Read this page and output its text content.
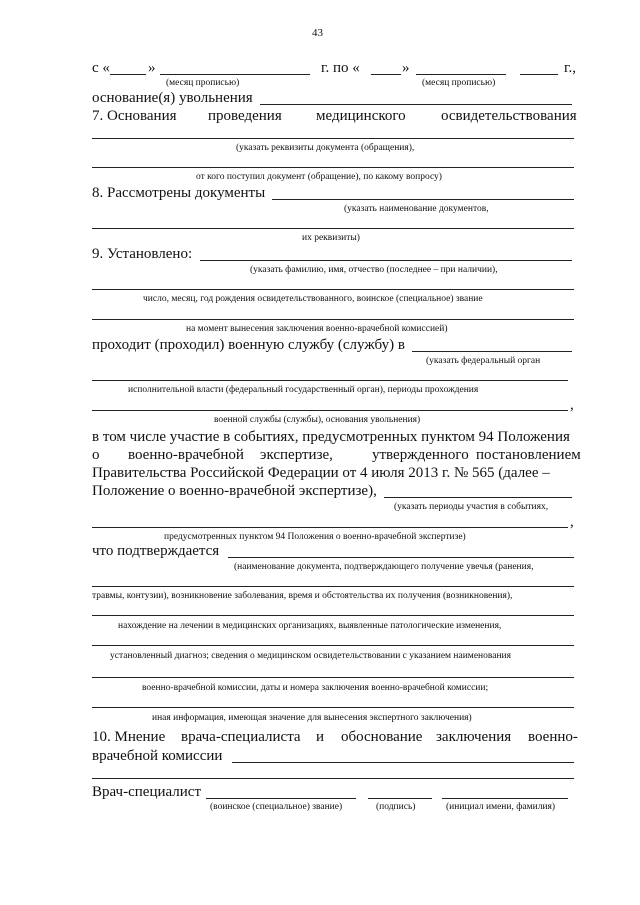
43
с «	»	г. по «	»	г.,
(месяц прописью)	(месяц прописью)
основание(я) увольнения
7. Основания проведения медицинского освидетельствования
(указать реквизиты документа (обращения),
от кого поступил документ (обращение), по какому вопросу)
8. Рассмотрены документы
(указать наименование документов,
их реквизиты)
9. Установлено:
(указать фамилию, имя, отчество (последнее – при наличии),
число, месяц, год рождения освидетельствованного, воинское (специальное) звание
на момент вынесения заключения военно-врачебной комиссией)
проходит (проходил) военную службу (службу) в
(указать федеральный орган
исполнительной власти (федеральный государственный орган), периоды прохождения
,
военной службы (службы), основания увольнения)
в том числе участие в событиях, предусмотренных пунктом 94 Положения
о военно-врачебной экспертизе,	утвержденного постановлением
Правительства Российской Федерации от 4 июля 2013 г. № 565 (далее –
Положение о военно-врачебной экспертизе),
(указать периоды участия в событиях,
,
предусмотренных пунктом 94 Положения о военно-врачебной экспертизе)
что подтверждается
(наименование документа, подтверждающего получение увечья (ранения,
травмы, контузии), возникновение заболевания, время и обстоятельства их получения (возникновения),
нахождение на лечении в медицинских организациях, выявленные патологические изменения,
установленный диагноз; сведения о медицинском освидетельствовании с указанием наименования
военно-врачебной комиссии, даты и номера заключения военно-врачебной комиссии;
иная информация, имеющая значение для вынесения экспертного заключения)
10. Мнение врача-специалиста и обоснование заключения военно-
врачебной комиссии
Врач-специалист
(воинское (специальное) звание)	(подпись)	(инициал имени, фамилия)
